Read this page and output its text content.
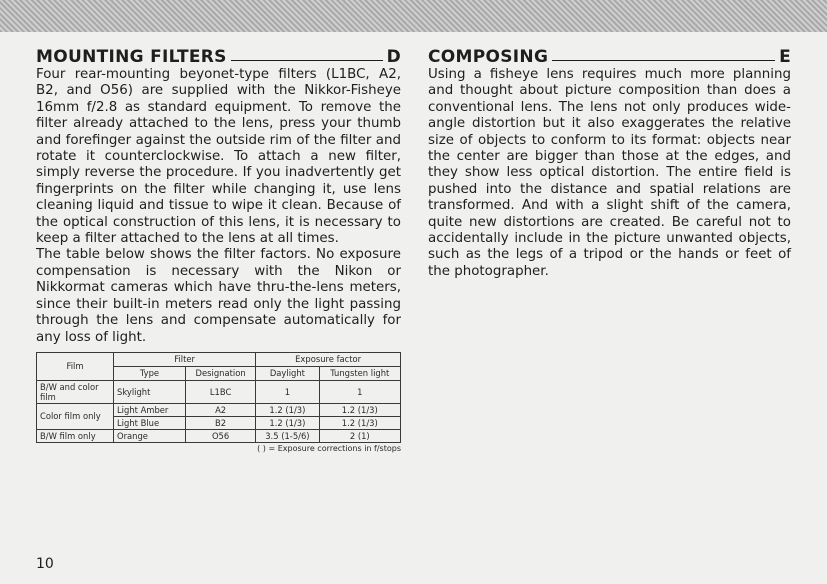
MOUNTING FILTERS	D

Four rear-mounting beyonet-type filters (L1BC, A2, B2, and O56) are supplied with the Nikkor-Fisheye 16mm f/2.8 as standard equipment. To remove the filter already attached to the lens, press your thumb and forefinger against the outside rim of the filter and rotate it counterclockwise. To attach a new filter, simply reverse the procedure. If you inadvertently get fingerprints on the filter while changing it, use lens cleaning liquid and tissue to wipe it clean. Because of the optical construction of this lens, it is necessary to keep a filter attached to the lens at all times.

The table below shows the filter factors. No exposure compensation is necessary with the Nikon or Nikkormat cameras which have thru-the-lens meters, since their built-in meters read only the light passing through the lens and compensate automatically for any loss of light.

Film	Filter		Exposure factor	
	Type	Designation	Daylight	Tungsten light
B/W and color film	Skylight	L1BC	1	1
Color film only	Light Amber	A2	1.2 (1/3)	1.2 (1/3)
	Light Blue	B2	1.2 (1/3)	1.2 (1/3)
B/W film only	Orange	O56	3.5 (1-5/6)	2 (1)
( ) = Exposure corrections in f/stops
COMPOSING	E

Using a fisheye lens requires much more planning and thought about picture composition than does a conventional lens. The lens not only produces wide-angle distortion but it also exaggerates the relative size of objects to conform to its format: objects near the center are bigger than those at the edges, and they show less optical distortion. The entire field is pushed into the distance and spatial relations are transformed. And with a slight shift of the camera, quite new distortions are created. Be careful not to accidentally include in the picture unwanted objects, such as the legs of a tripod or the hands or feet of the photographer.

10
